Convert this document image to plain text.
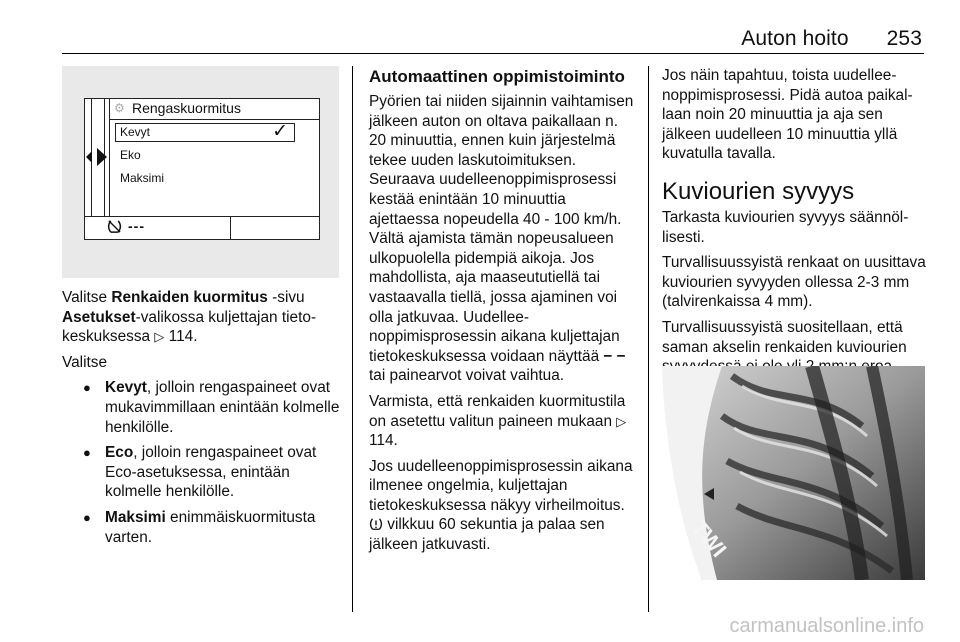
Auton hoito 253
⚙ Rengaskuormitus
Kevyt	✓
Eko
Maksimi
---

Valitse Renkaiden kuormitus -sivu Asetukset-valikossa kuljettajan tietokeskuksessa ▷ 114.

Valitse

● Kevyt, jolloin rengaspaineet ovat mukavimmillaan enintään kolmelle henkilölle.
● Eco, jolloin rengaspaineet ovat Eco-asetuksessa, enintään kolmelle henkilölle.
● Maksimi enimmäiskuormitusta varten.
Automaattinen oppimistoiminto

Pyörien tai niiden sijainnin vaihtamisen jälkeen auton on oltava paikallaan n. 20 minuuttia, ennen kuin järjestelmä tekee uuden laskutoimituksen. Seuraava uudelleenoppimisprosessi kestää enintään 10 minuuttia ajettaessa nopeudella 40 - 100 km/h. Vältä ajamista tämän nopeusalueen ulkopuolella pidempiä aikoja. Jos mahdollista, aja maaseututiellä tai vastaavalla tiellä, jossa ajaminen voi olla jatkuvaa. Uudelleenoppimisprosessin aikana kuljettajan tietokeskuksessa voidaan näyttää − − tai painearvot voivat vaihtua.

Varmista, että renkaiden kuormitustila on asetettu valitun paineen mukaan ▷ 114.

Jos uudelleenoppimisprosessin aikana ilmenee ongelmia, kuljettajan tietokeskuksessa näkyy virheilmoitus.  vilkkuu 60 sekuntia ja palaa sen jälkeen jatkuvasti.

Jos näin tapahtuu, toista uudelleenoppimisprosessi. Pidä autoa paikallaan noin 20 minuuttia ja aja sen jälkeen uudelleen 10 minuuttia yllä kuvatulla tavalla.

Kuviourien syvyys

Tarkasta kuviourien syvyys säännöllisesti.

Turvallisuussyistä renkaat on uusittava kuviourien syvyyden ollessa 2-3 mm (talvirenkaissa 4 mm).

Turvallisuussyistä suositellaan, että saman akselin renkaiden kuviourien

TWI
carmanualsonline.info
